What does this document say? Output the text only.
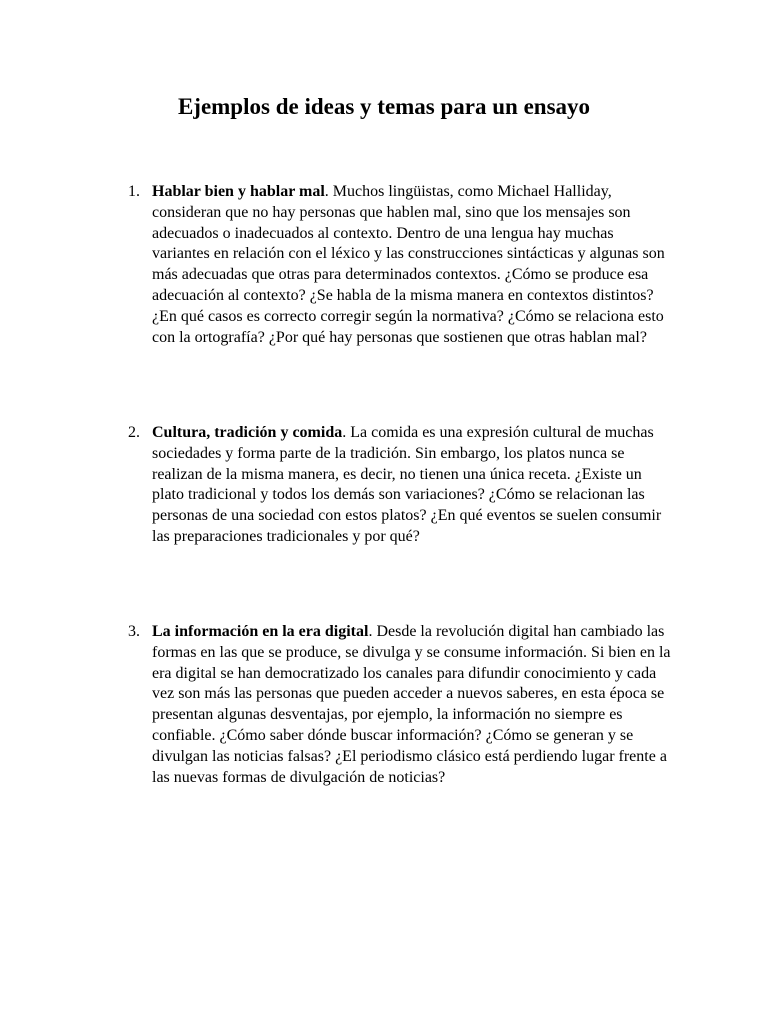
Ejemplos de ideas y temas para un ensayo
1. Hablar bien y hablar mal. Muchos lingüistas, como Michael Halliday, consideran que no hay personas que hablen mal, sino que los mensajes son adecuados o inadecuados al contexto. Dentro de una lengua hay muchas variantes en relación con el léxico y las construcciones sintácticas y algunas son más adecuadas que otras para determinados contextos. ¿Cómo se produce esa adecuación al contexto? ¿Se habla de la misma manera en contextos distintos? ¿En qué casos es correcto corregir según la normativa? ¿Cómo se relaciona esto con la ortografía? ¿Por qué hay personas que sostienen que otras hablan mal?

2. Cultura, tradición y comida. La comida es una expresión cultural de muchas sociedades y forma parte de la tradición. Sin embargo, los platos nunca se realizan de la misma manera, es decir, no tienen una única receta. ¿Existe un plato tradicional y todos los demás son variaciones? ¿Cómo se relacionan las personas de una sociedad con estos platos? ¿En qué eventos se suelen consumir las preparaciones tradicionales y por qué?

3. La información en la era digital. Desde la revolución digital han cambiado las formas en las que se produce, se divulga y se consume información. Si bien en la era digital se han democratizado los canales para difundir conocimiento y cada vez son más las personas que pueden acceder a nuevos saberes, en esta época se presentan algunas desventajas, por ejemplo, la información no siempre es confiable. ¿Cómo saber dónde buscar información? ¿Cómo se generan y se divulgan las noticias falsas? ¿El periodismo clásico está perdiendo lugar frente a las nuevas formas de divulgación de noticias?
